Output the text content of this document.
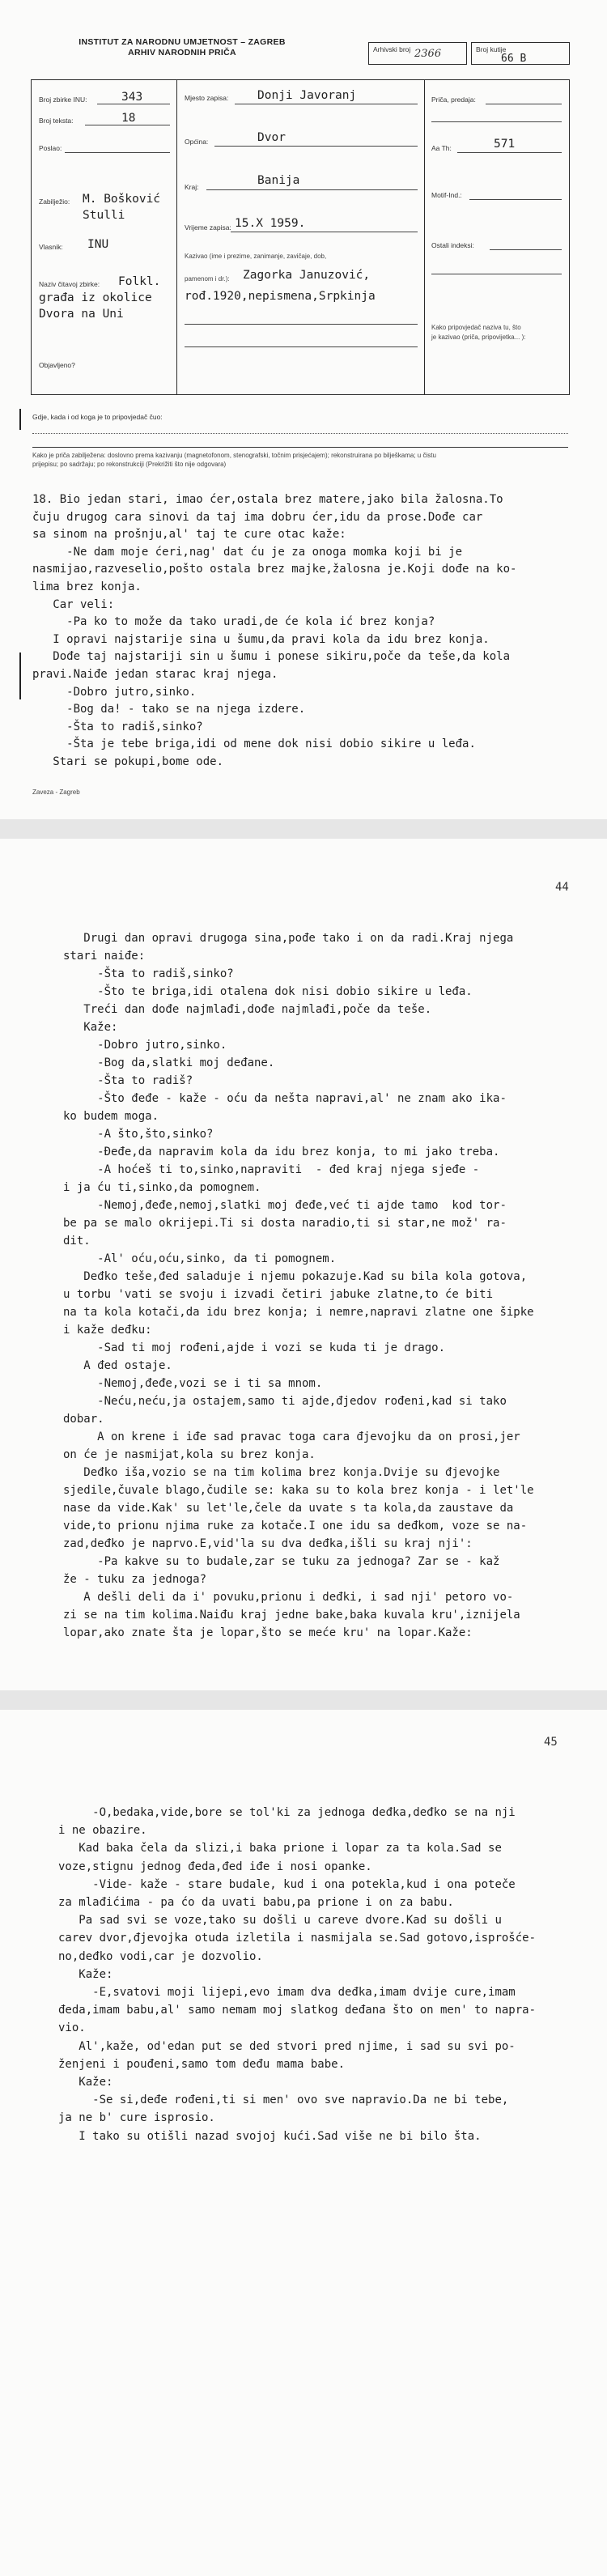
INSTITUT ZA NARODNU UMJETNOST – ZAGREB
ARHIV NARODNIH PRIČA	Arhivski broj 2366	Broj kutije
66 B
Broj zbirke INU:	343
Broj teksta:	18
Poslao:
Zabilježio: M. Bošković
Stulli
Vlasnik: INU
Naziv čitavoj zbirke: Folkl.
građa iz okolice
Dvora na Uni
Objavljeno?
Mjesto zapisa: Donji Javoranj
Općina:	Dvor
Kraj:	Banija
Vrijeme zapisa: 15.X 1959.
Kazivao (ime i prezime, zanimanje, zavičaje, dob,
pamenom i dr.): Zagorka Januzović,
rođ.1920,nepismena,Srpkinja
Priča, predaja:
Aa Th:	571
Motif-Ind.:
Ostali indeksi:
Kako pripovjedač naziva tu, što
je kazivao (priča, pripovijetka... ):
Gdje, kada i od koga je to pripovjedač čuo:
Kako je priča zabilježena: doslovno prema kazivanju (magnetofonom, stenografski, točnim prisjećajem); rekonstruirana po bilješkama; u čistu
prijepisu; po sadržaju; po rekonstrukciji (Prekrižiti što nije odgovara)
18. Bio jedan stari, imao ćer,ostala brez matere,jako bila žalosna.To
čuju drugog cara sinovi da taj ima dobru ćer,idu da prose.Dođe car
sa sinom na prošnju,al' taj te cure otac kaže:
-Ne dam moje ćeri,nag' dat ću je za onoga momka koji bi je
nasmijao,razveselio,pošto ostala brez majke,žalosna je.Koji dođe na ko-
lima brez konja.
Car veli:
-Pa ko to može da tako uradi,de će kola ić brez konja?
I opravi najstarije sina u šumu,da pravi kola da idu brez konja.
Dođe taj najstariji sin u šumu i ponese sikiru,poče da teše,da kola
pravi.Naiđe jedan starac kraj njega.
-Dobro jutro,sinko.
-Bog da! - tako se na njega izdere.
-Šta to radiš,sinko?
-Šta je tebe briga,idi od mene dok nisi dobio sikire u leđa.
Stari se pokupi,bome ode.
Zaveza - Zagreb
44
Drugi dan opravi drugoga sina,pođe tako i on da radi.Kraj njega
stari naiđe:
-Šta to radiš,sinko?
-Što te briga,idi otalena dok nisi dobio sikire u leđa.
Treći dan dođe najmlađi,dođe najmlađi,poče da teše.
Kaže:
-Dobro jutro,sinko.
-Bog da,slatki moj deđane.
-Šta to radiš?
-Što đeđe - kaže - oću da nešta napravi,al' ne znam ako ika-
ko budem moga.
-A što,što,sinko?
-Đeđe,da napravim kola da idu brez konja, to mi jako treba.
-A hoćeš ti to,sinko,napraviti  - đed kraj njega sjeđe -
i ja ću ti,sinko,da pomognem.
-Nemoj,đeđe,nemoj,slatki moj đeđe,već ti ajde tamo  kod tor-
be pa se malo okrijepi.Ti si dosta naradio,ti si star,ne mož' ra-
dit.
-Al' oću,oću,sinko, da ti pomognem.
Deđko teše,đed saladuje i njemu pokazuje.Kad su bila kola gotova,
u torbu 'vati se svoju i izvadi četiri jabuke zlatne,to će biti
na ta kola kotači,da idu brez konja; i nemre,napravi zlatne one šipke
i kaže deđku:
-Sad ti moj rođeni,ajde i vozi se kuda ti je drago.
A đed ostaje.
-Nemoj,đeđe,vozi se i ti sa mnom.
-Neću,neću,ja ostajem,samo ti ajde,đjedov rođeni,kad si tako
dobar.
A on krene i iđe sad pravac toga cara đjevojku da on prosi,jer
on će je nasmijat,kola su brez konja.
Deđko iša,vozio se na tim kolima brez konja.Dvije su đjevojke
sjedile,čuvale blago,čudile se: kaka su to kola brez konja - i let'le
nase da vide.Kak' su let'le,čele da uvate s ta kola,da zaustave da
vide,to prionu njima ruke za kotače.I one idu sa deđkom, voze se na-
zad,deđko je naprvo.E,vid'la su dva deđka,išli su kraj nji':
-Pa kakve su to budale,zar se tuku za jednoga? Zar se - kaž
že - tuku za jednoga?
A dešli deli da i' povuku,prionu i deđki, i sad nji' petoro vo-
zi se na tim kolima.Naiđu kraj jedne bake,baka kuvala kru',iznijela
lopar,ako znate šta je lopar,što se meće kru' na lopar.Kaže:
45
-O,bedaka,vide,bore se tol'ki za jednoga deđka,deđko se na nji
i ne obazire.
Kad baka čela da slizi,i baka prione i lopar za ta kola.Sad se
voze,stignu jednog đeda,đed iđe i nosi opanke.
-Vide- kaže - stare budale, kud i ona potekla,kud i ona poteče
za mlađićima - pa ćo da uvati babu,pa prione i on za babu.
Pa sad svi se voze,tako su došli u careve dvore.Kad su došli u
carev dvor,đjevojka otuda izletila i nasmijala se.Sad gotovo,isprošće-
no,deđko vodi,car je dozvolio.
Kaže:
-E,svatovi moji lijepi,evo imam dva deđka,imam dvije cure,imam
đeda,imam babu,al' samo nemam moj slatkog deđana što on men' to napra-
vio.
Al',kaže, od'edan put se ded stvori pred njime, i sad su svi po-
ženjeni i pouđeni,samo tom deđu mama babe.
Kaže:
-Se si,deđe rođeni,ti si men' ovo sve napravio.Da ne bi tebe,
ja ne b' cure isprosio.
I tako su otišli nazad svojoj kući.Sad više ne bi bilo šta.
